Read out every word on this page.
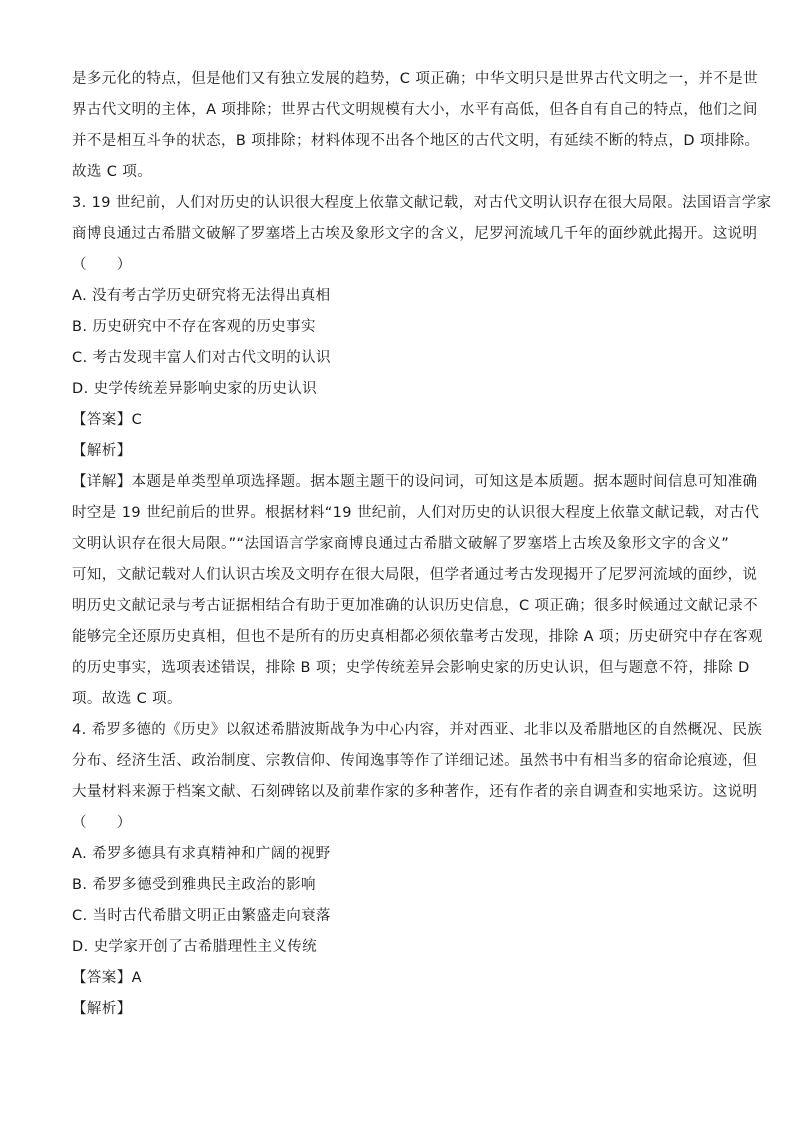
是多元化的特点，但是他们又有独立发展的趋势，C 项正确；中华文明只是世界古代文明之一，并不是世
界古代文明的主体，A 项排除；世界古代文明规模有大小，水平有高低，但各自有自己的特点，他们之间
并不是相互斗争的状态，B 项排除；材料体现不出各个地区的古代文明，有延续不断的特点，D 项排除。
故选 C 项。
3. 19 世纪前，人们对历史的认识很大程度上依靠文献记载，对古代文明认识存在很大局限。法国语言学家
商博良通过古希腊文破解了罗塞塔上古埃及象形文字的含义，尼罗河流域几千年的面纱就此揭开。这说明
（　　）
A. 没有考古学历史研究将无法得出真相
B. 历史研究中不存在客观的历史事实
C. 考古发现丰富人们对古代文明的认识
D. 史学传统差异影响史家的历史认识
【答案】C
【解析】
【详解】本题是单类型单项选择题。据本题主题干的设问词，可知这是本质题。据本题时间信息可知准确
时空是 19 世纪前后的世界。根据材料“19 世纪前，人们对历史的认识很大程度上依靠文献记载，对古代
文明认识存在很大局限。”“法国语言学家商博良通过古希腊文破解了罗塞塔上古埃及象形文字的含义”
可知，文献记载对人们认识古埃及文明存在很大局限，但学者通过考古发现揭开了尼罗河流域的面纱，说
明历史文献记录与考古证据相结合有助于更加准确的认识历史信息，C 项正确；很多时候通过文献记录不
能够完全还原历史真相，但也不是所有的历史真相都必须依靠考古发现，排除 A 项；历史研究中存在客观
的历史事实，选项表述错误，排除 B 项；史学传统差异会影响史家的历史认识，但与题意不符，排除 D
项。故选 C 项。
4. 希罗多德的《历史》以叙述希腊波斯战争为中心内容，并对西亚、北非以及希腊地区的自然概况、民族
分布、经济生活、政治制度、宗教信仰、传闻逸事等作了详细记述。虽然书中有相当多的宿命论痕迹，但
大量材料来源于档案文献、石刻碑铭以及前辈作家的多种著作，还有作者的亲自调查和实地采访。这说明
（　　）
A. 希罗多德具有求真精神和广阔的视野
B. 希罗多德受到雅典民主政治的影响
C. 当时古代希腊文明正由繁盛走向衰落
D. 史学家开创了古希腊理性主义传统
【答案】A
【解析】
